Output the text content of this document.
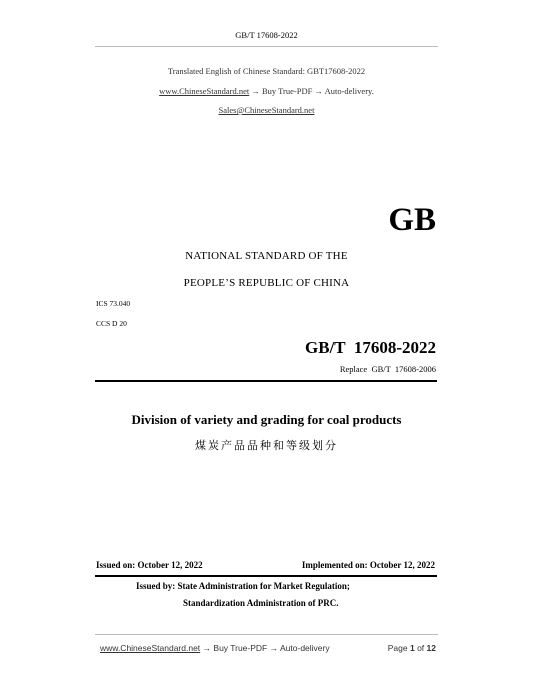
GB/T 17608-2022
Translated English of Chinese Standard: GBT17608-2022
www.ChineseStandard.net → Buy True-PDF → Auto-delivery.
Sales@ChineseStandard.net
GB
NATIONAL STANDARD OF THE
PEOPLE’S REPUBLIC OF CHINA
ICS 73.040
CCS D 20
GB/T  17608-2022
Replace  GB/T  17608-2006
Division of variety and grading for coal products
煤炭产品品种和等级划分
Issued on: October 12, 2022	Implemented on: October 12, 2022
Issued by: State Administration for Market Regulation;
Standardization Administration of PRC.
www.ChineseStandard.net → Buy True-PDF → Auto-delivery	Page 1 of 12
